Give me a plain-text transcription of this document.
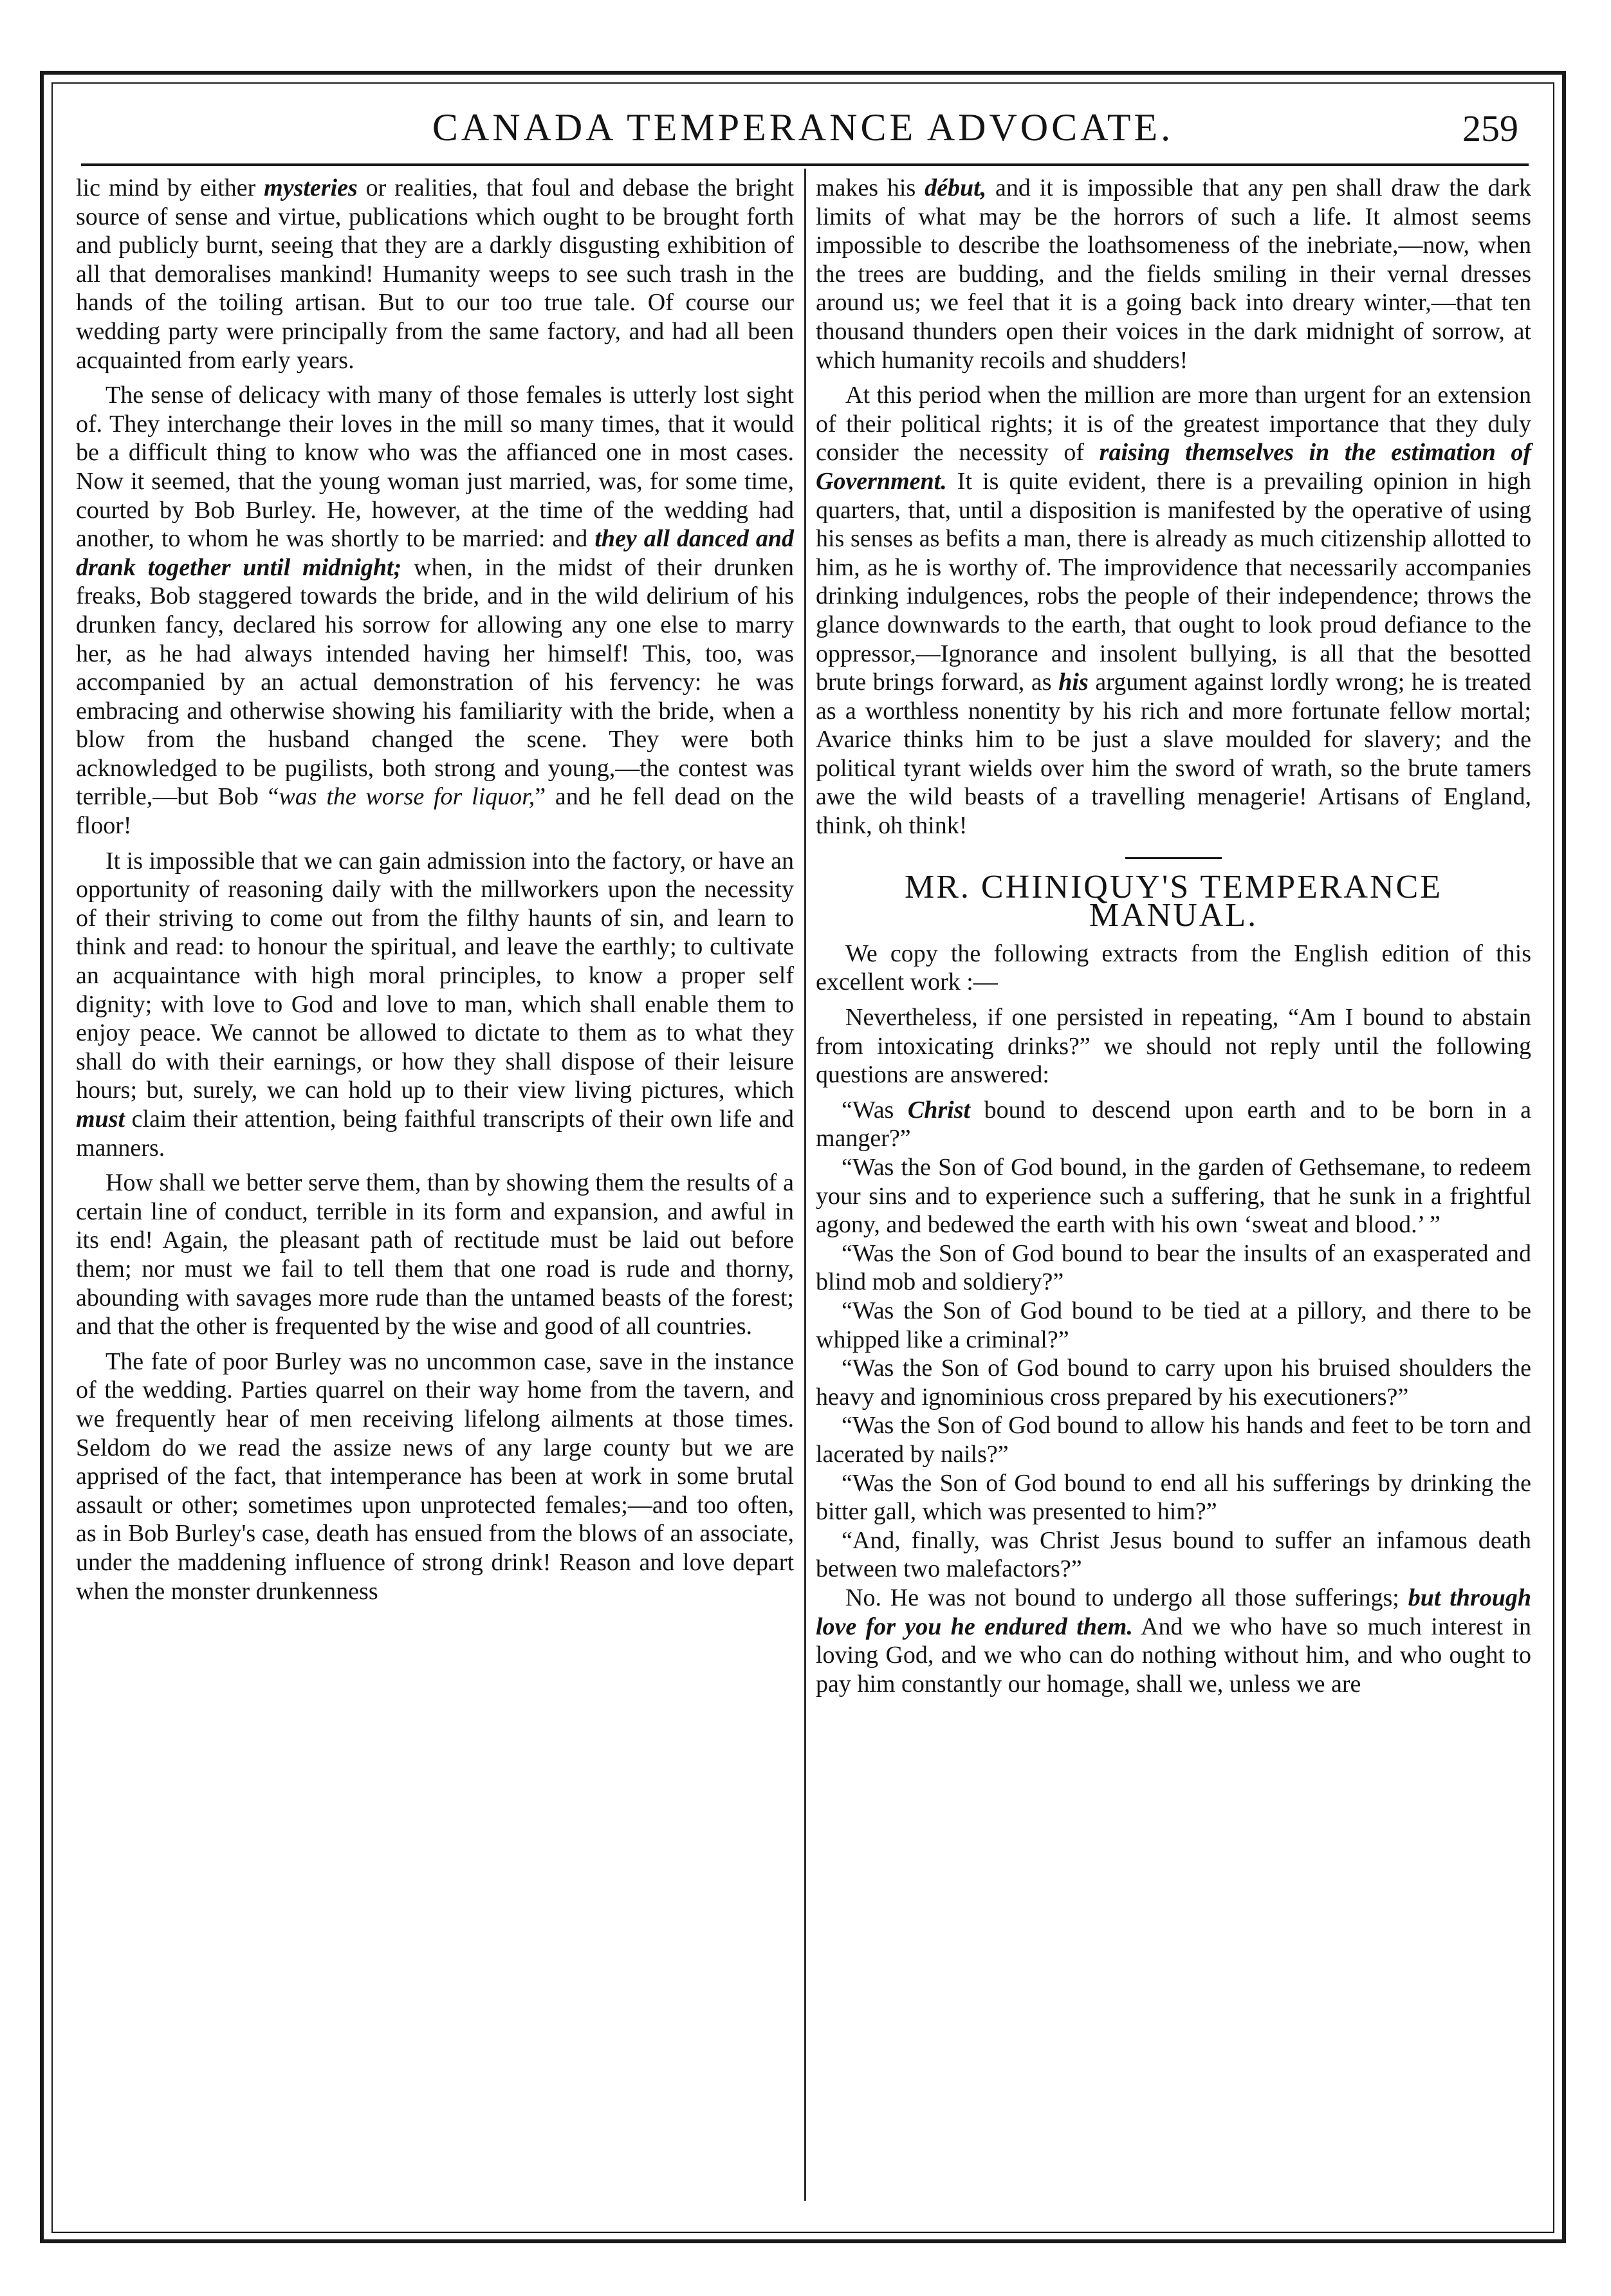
CANADA TEMPERANCE ADVOCATE.	259

lic mind by either mysteries or realities, that foul and debase the bright source of sense and virtue, publications which ought to be brought forth and publicly burnt, seeing that they are a darkly disgusting exhibition of all that demoralises mankind! Humanity weeps to see such trash in the hands of the toiling artisan. But to our too true tale. Of course our wedding party were principally from the same factory, and had all been acquainted from early years.

The sense of delicacy with many of those females is utterly lost sight of. They interchange their loves in the mill so many times, that it would be a difficult thing to know who was the affianced one in most cases. Now it seemed, that the young woman just married, was, for some time, courted by Bob Burley. He, however, at the time of the wedding had another, to whom he was shortly to be married: and they all danced and drank together until midnight; when, in the midst of their drunken freaks, Bob staggered towards the bride, and in the wild delirium of his drunken fancy, declared his sorrow for allowing any one else to marry her, as he had always intended having her himself! This, too, was accompanied by an actual demonstration of his fervency: he was embracing and otherwise showing his familiarity with the bride, when a blow from the husband changed the scene. They were both acknowledged to be pugilists, both strong and young,—the contest was terrible,—but Bob “was the worse for liquor,” and he fell dead on the floor!

It is impossible that we can gain admission into the factory, or have an opportunity of reasoning daily with the millworkers upon the necessity of their striving to come out from the filthy haunts of sin, and learn to think and read: to honour the spiritual, and leave the earthly; to cultivate an acquaintance with high moral principles, to know a proper self dignity; with love to God and love to man, which shall enable them to enjoy peace. We cannot be allowed to dictate to them as to what they shall do with their earnings, or how they shall dispose of their leisure hours; but, surely, we can hold up to their view living pictures, which must claim their attention, being faithful transcripts of their own life and manners.

How shall we better serve them, than by showing them the results of a certain line of conduct, terrible in its form and expansion, and awful in its end! Again, the pleasant path of rectitude must be laid out before them; nor must we fail to tell them that one road is rude and thorny, abounding with savages more rude than the untamed beasts of the forest; and that the other is frequented by the wise and good of all countries.

The fate of poor Burley was no uncommon case, save in the instance of the wedding. Parties quarrel on their way home from the tavern, and we frequently hear of men receiving lifelong ailments at those times. Seldom do we read the assize news of any large county but we are apprised of the fact, that intemperance has been at work in some brutal assault or other; sometimes upon unprotected females;—and too often, as in Bob Burley's case, death has ensued from the blows of an associate, under the maddening influence of strong drink! Reason and love depart when the monster drunkenness

makes his début, and it is impossible that any pen shall draw the dark limits of what may be the horrors of such a life. It almost seems impossible to describe the loathsomeness of the inebriate,—now, when the trees are budding, and the fields smiling in their vernal dresses around us; we feel that it is a going back into dreary winter,—that ten thousand thunders open their voices in the dark midnight of sorrow, at which humanity recoils and shudders!

At this period when the million are more than urgent for an extension of their political rights; it is of the greatest importance that they duly consider the necessity of raising themselves in the estimation of Government. It is quite evident, there is a prevailing opinion in high quarters, that, until a disposition is manifested by the operative of using his senses as befits a man, there is already as much citizenship allotted to him, as he is worthy of. The improvidence that necessarily accompanies drinking indulgences, robs the people of their independence; throws the glance downwards to the earth, that ought to look proud defiance to the oppressor,—Ignorance and insolent bullying, is all that the besotted brute brings forward, as his argument against lordly wrong; he is treated as a worthless nonentity by his rich and more fortunate fellow mortal; Avarice thinks him to be just a slave moulded for slavery; and the political tyrant wields over him the sword of wrath, so the brute tamers awe the wild beasts of a travelling menagerie! Artisans of England, think, oh think!

MR. CHINIQUY'S TEMPERANCE MANUAL.

We copy the following extracts from the English edition of this excellent work :—

Nevertheless, if one persisted in repeating, “Am I bound to abstain from intoxicating drinks?” we should not reply until the following questions are answered:

“Was Christ bound to descend upon earth and to be born in a manger?”

“Was the Son of God bound, in the garden of Gethsemane, to redeem your sins and to experience such a suffering, that he sunk in a frightful agony, and bedewed the earth with his own ‘sweat and blood.’ ”

“Was the Son of God bound to bear the insults of an exasperated and blind mob and soldiery?”

“Was the Son of God bound to be tied at a pillory, and there to be whipped like a criminal?”

“Was the Son of God bound to carry upon his bruised shoulders the heavy and ignominious cross prepared by his executioners?”

“Was the Son of God bound to allow his hands and feet to be torn and lacerated by nails?”

“Was the Son of God bound to end all his sufferings by drinking the bitter gall, which was presented to him?”

“And, finally, was Christ Jesus bound to suffer an infamous death between two malefactors?”

No. He was not bound to undergo all those sufferings; but through love for you he endured them. And we who have so much interest in loving God, and we who can do nothing without him, and who ought to pay him constantly our homage, shall we, unless we are
